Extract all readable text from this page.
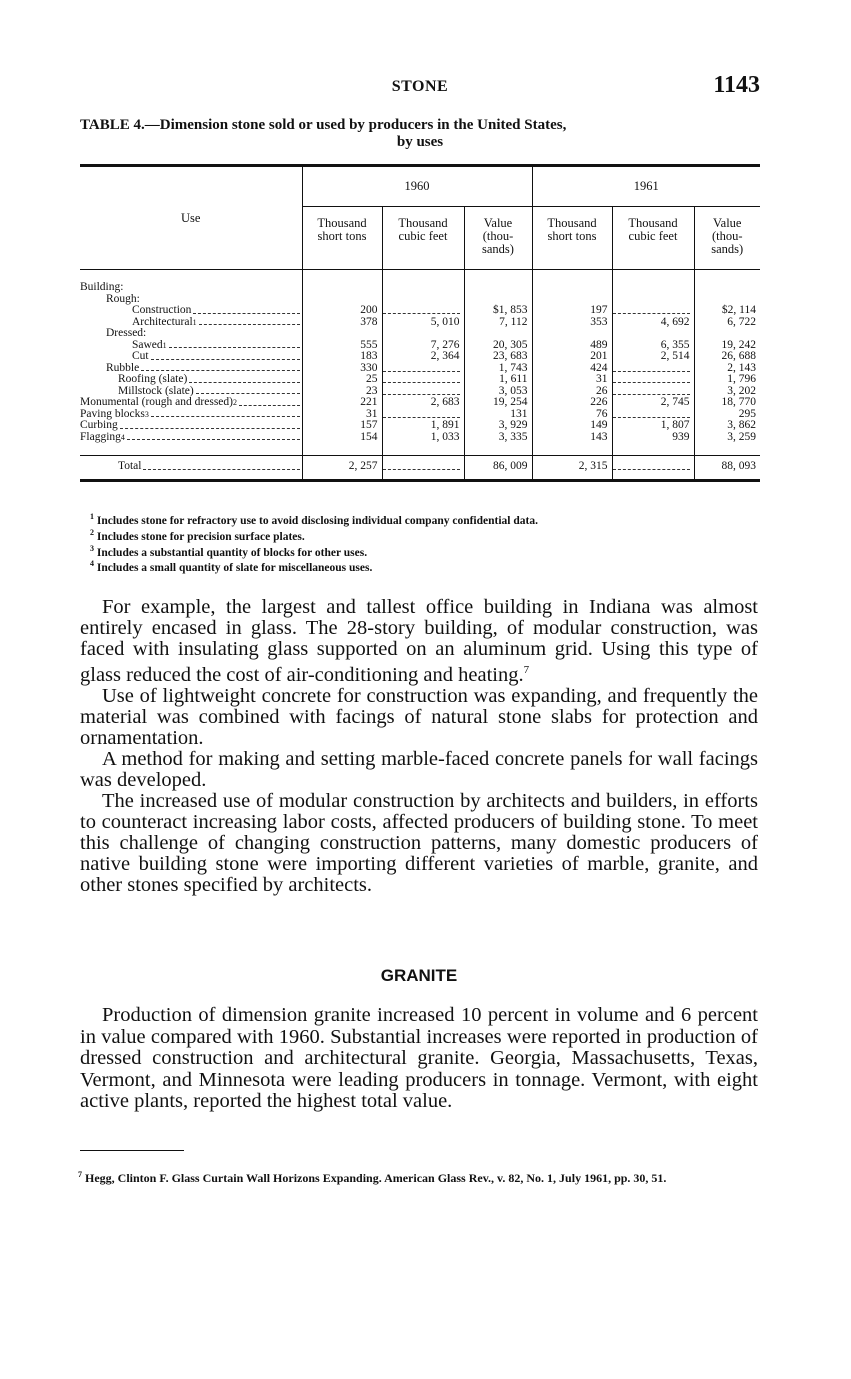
STONE	1143
TABLE 4.—Dimension stone sold or used by producers in the United States,
by uses
Use	1960			1961		
	Thousand short tons	Thousand cubic feet	Value (thou-sands)	Thousand short tons	Thousand cubic feet	Value (thou-sands)

Building:						
Rough:						

Construction	200		$1, 853	197		$2, 114

Architectural 1	378	5, 010	7, 112	353	4, 692	6, 722
Dressed:						

Sawed 1	555	7, 276	20, 305	489	6, 355	19, 242

Cut	183	2, 364	23, 683	201	2, 514	26, 688

Rubble	330		1, 743	424		2, 143

Roofing (slate)	25		1, 611	31		1, 796

Millstock (slate)	23		3, 053	26		3, 202

Monumental (rough and dressed) 2	221	2, 683	19, 254	226	2, 745	18, 770

Paving blocks 3	31		131	76		295

Curbing	157	1, 891	3, 929	149	1, 807	3, 862

Flagging 4	154	1, 033	3, 335	143	939	3, 259

Total	2, 257		86, 009	2, 315		88, 093

$^1$ Includes stone for refractory use to avoid disclosing individual company confidential data.

$^2$ Includes stone for precision surface plates.

$^3$ Includes a substantial quantity of blocks for other uses.

$^4$ Includes a small quantity of slate for miscellaneous uses.

For example, the largest and tallest office building in Indiana was almost entirely encased in glass. The 28-story building, of modular construction, was faced with insulating glass supported on an aluminum grid. Using this type of glass reduced the cost of air-conditioning and heating.$^7$

Use of lightweight concrete for construction was expanding, and frequently the material was combined with facings of natural stone slabs for protection and ornamentation.

A method for making and setting marble-faced concrete panels for wall facings was developed.

The increased use of modular construction by architects and builders, in efforts to counteract increasing labor costs, affected producers of building stone. To meet this challenge of changing construction patterns, many domestic producers of native building stone were importing different varieties of marble, granite, and other stones specified by architects.

GRANITE

Production of dimension granite increased 10 percent in volume and 6 percent in value compared with 1960. Substantial increases were reported in production of dressed construction and architectural granite. Georgia, Massachusetts, Texas, Vermont, and Minnesota were leading producers in tonnage. Vermont, with eight active plants, reported the highest total value.

$^7$ Hegg, Clinton F. Glass Curtain Wall Horizons Expanding. American Glass Rev., v. 82, No. 1, July 1961, pp. 30, 51.
